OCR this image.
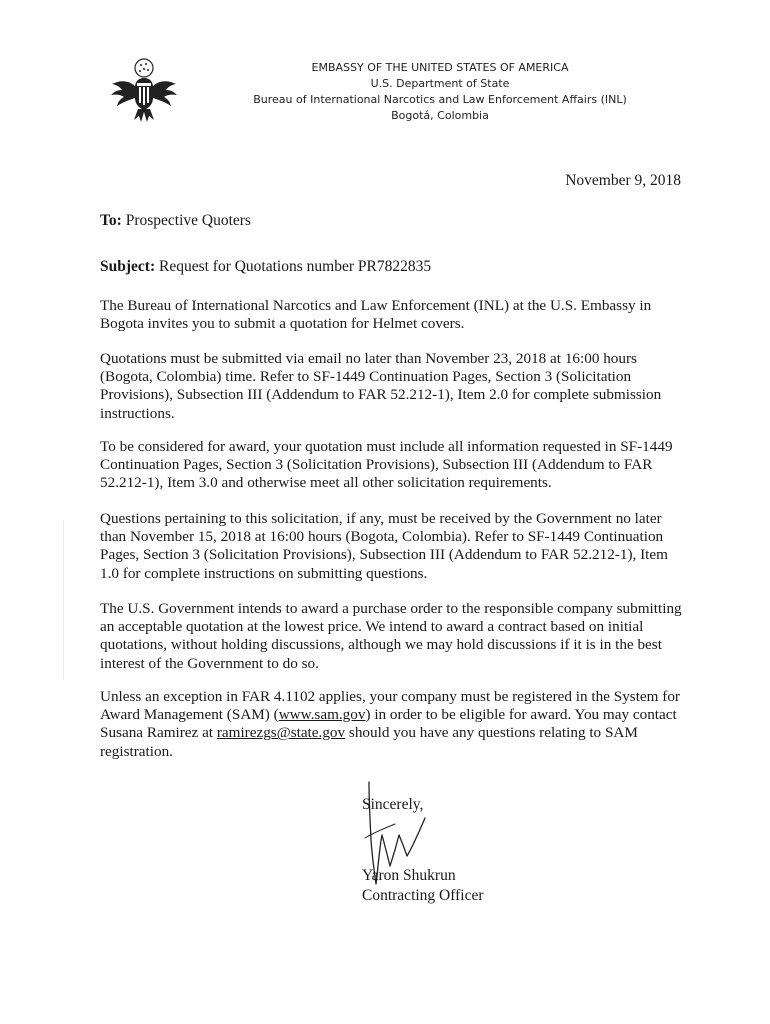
EMBASSY OF THE UNITED STATES OF AMERICA
U.S. Department of State
Bureau of International Narcotics and Law Enforcement Affairs (INL)
Bogotá, Colombia
November 9, 2018
To: Prospective Quoters
Subject: Request for Quotations number PR7822835
The Bureau of International Narcotics and Law Enforcement (INL) at the U.S. Embassy in Bogota invites you to submit a quotation for Helmet covers.
Quotations must be submitted via email no later than November 23, 2018 at 16:00 hours (Bogota, Colombia) time. Refer to SF-1449 Continuation Pages, Section 3 (Solicitation Provisions), Subsection III (Addendum to FAR 52.212-1), Item 2.0 for complete submission instructions.
To be considered for award, your quotation must include all information requested in SF-1449 Continuation Pages, Section 3 (Solicitation Provisions), Subsection III (Addendum to FAR 52.212-1), Item 3.0 and otherwise meet all other solicitation requirements.
Questions pertaining to this solicitation, if any, must be received by the Government no later than November 15, 2018 at 16:00 hours (Bogota, Colombia). Refer to SF-1449 Continuation Pages, Section 3 (Solicitation Provisions), Subsection III (Addendum to FAR 52.212-1), Item 1.0 for complete instructions on submitting questions.
The U.S. Government intends to award a purchase order to the responsible company submitting an acceptable quotation at the lowest price. We intend to award a contract based on initial quotations, without holding discussions, although we may hold discussions if it is in the best interest of the Government to do so.
Unless an exception in FAR 4.1102 applies, your company must be registered in the System for Award Management (SAM) (www.sam.gov) in order to be eligible for award. You may contact Susana Ramirez at ramirezgs@state.gov should you have any questions relating to SAM registration.
Sincerely,
Yaron Shukrun
Contracting Officer
